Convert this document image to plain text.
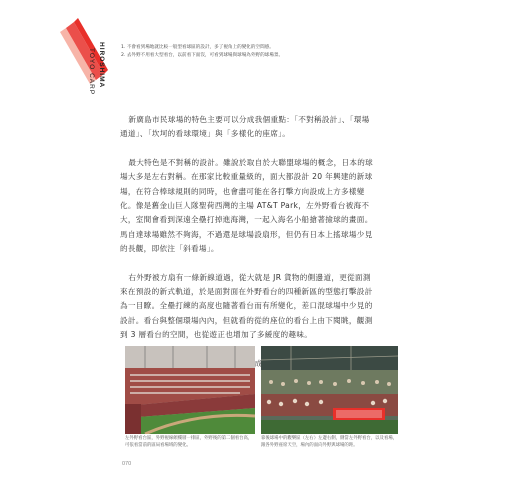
HIROSHIMA
TOYO CARP
1. 不會看到場地就比較一般型看球區的設計，多了視角上的變化的空間感。
2. 去外野不用看大型看台，以前看下面沒，可看到球場與球場為外野的球場景。

新廣島市民球場的特色主要可以分成我個重點：「不對稱設計」、「環場通道」、「坎坷的看球環境」與「多樣化的座席」。

最大特色是不對稱的設計。雖說於取自於大聯盟球場的概念，日本的球場大多是左右對稱。在那家比較重量級的，面大都設計 20 年興建的新球場，在符合棒球規則的同時，也會盡可能在各打擊方向設成上方多樣變化。像是舊金山巨人隊聖荷西灣的主場 AT&T Park，左外野看台被海不大，室間會看到深遠全壘打掉進海灣，一起入海名小船搶著撿球的畫面。馬自達球場雖然不夠海，不過還是球場設扇形，但仍有日本上搖球場少見的長觀，即依注「斜看場」。

右外野被方扇有一條新線道過，從大就是 JR 貨物的側邊道，更從面測來在預設的新式軌道，於是面對面在外野看台的四種新區的型態打擊設計為一目瞭。全壘打練的高度也隨著看台而有所變化，差口混球場中少見的設計。看台與整個環場內內，但就看的從的座位的看台上由下閱眺，觀測到 3 層看台的空間，也從遊正也增加了多緩度的趣味。

左外野看台區，外野視線頗樓層一排區，外野後的第二個看台高，可依看當前的區局看場域的變化。
靠後球場中的觀樂區（左右）左邊右側，側當左外野看台，以及看場，跟各外野座席天空，場內的面向外野與球場的距。
070
